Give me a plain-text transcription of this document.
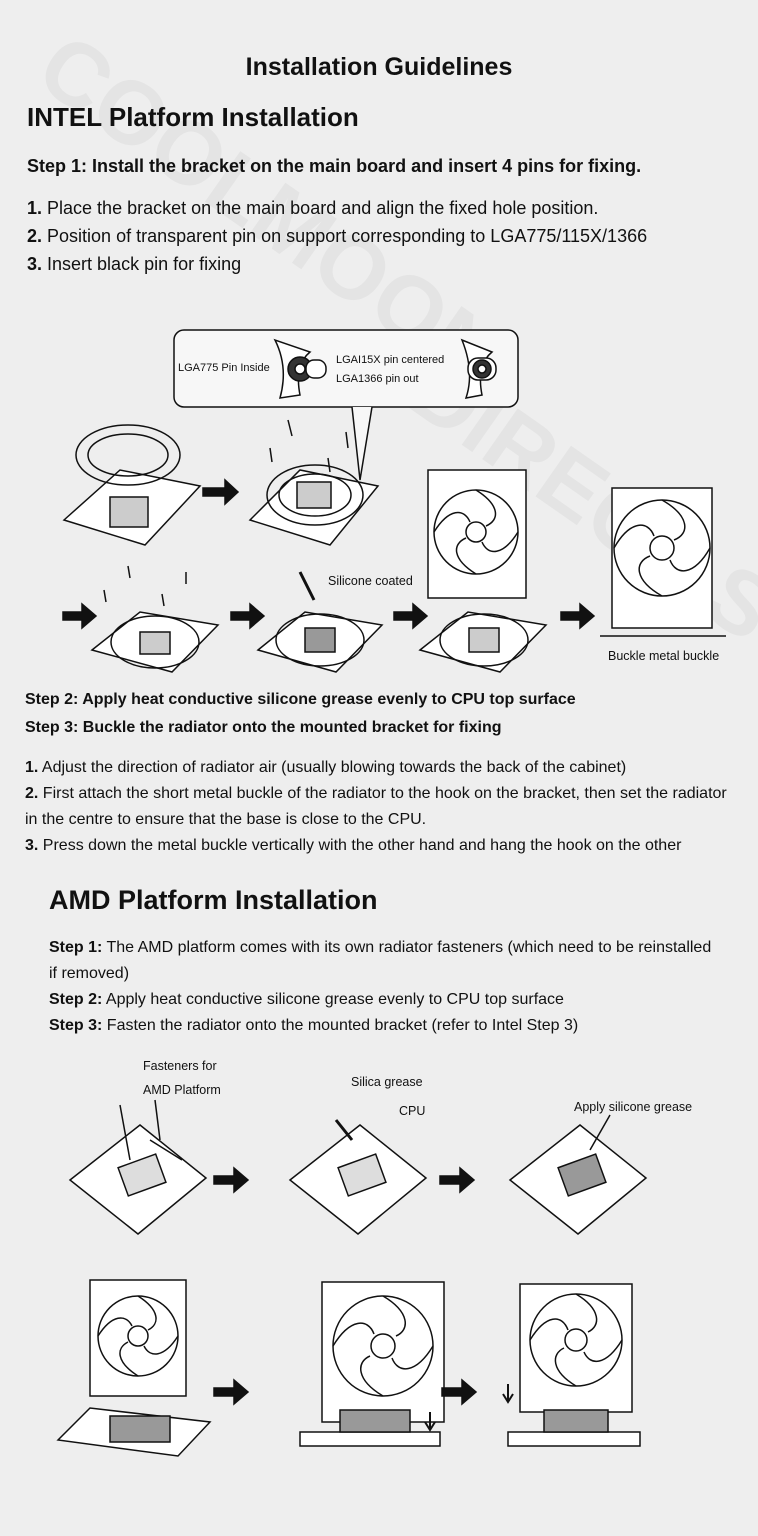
Installation Guidelines
INTEL Platform Installation
Step 1: Install the bracket on the main board and insert 4 pins for fixing.
1. Place the bracket on the main board and align the fixed hole position.
2. Position of transparent pin on support corresponding to LGA775/115X/1366
3. Insert black pin for fixing
LGA775 Pin Inside
LGAI15X pin centered
LGA1366 pin out
Silicone coated
Buckle metal buckle
Step 2: Apply heat conductive silicone grease evenly to CPU top surface
Step 3: Buckle the radiator onto the mounted bracket for fixing
1. Adjust the direction of radiator air (usually blowing towards the back of the cabinet)
2. First attach the short metal buckle of the radiator to the hook on the bracket, then set the radiator in the centre to ensure that the base is close to the CPU.
3. Press down the metal buckle vertically with the other hand and hang the hook on the other
AMD Platform Installation
Step 1: The AMD platform comes with its own radiator fasteners (which need to be reinstalled if removed)
Step 2: Apply heat conductive silicone grease evenly to CPU top surface
Step 3: Fasten the radiator onto the mounted bracket (refer to Intel Step 3)
Fasteners for
AMD Platform
Silica grease
CPU	Apply silicone grease
